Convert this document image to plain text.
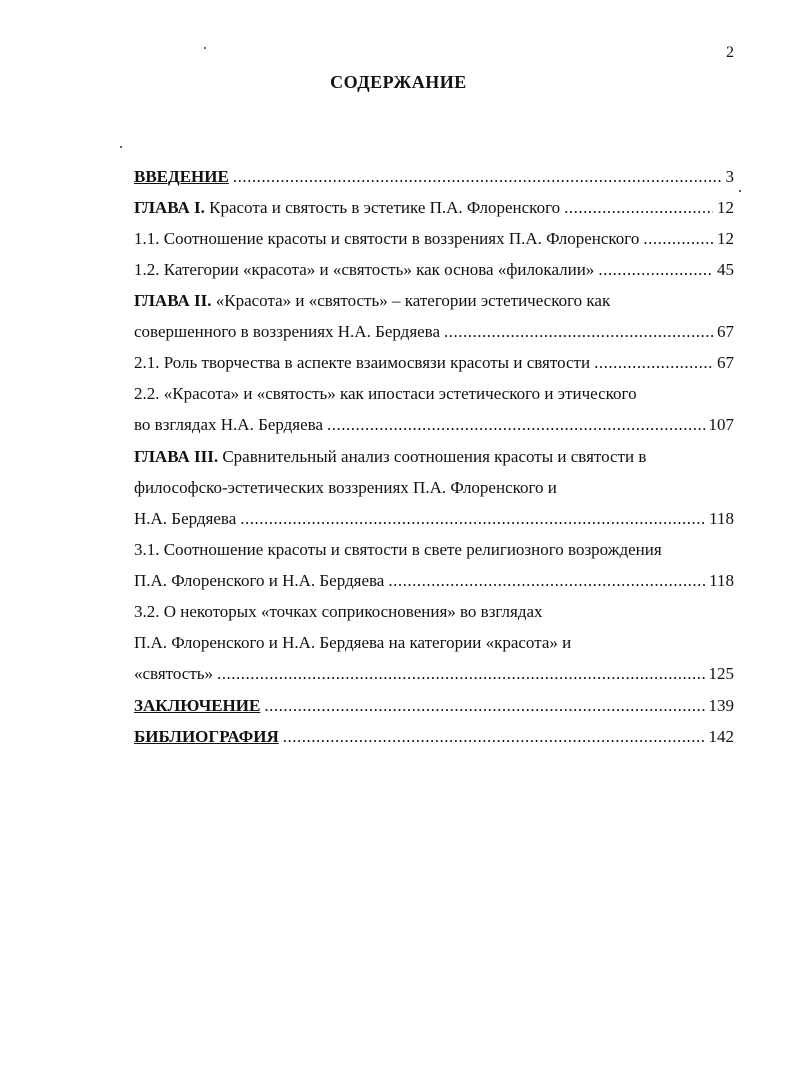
2
СОДЕРЖАНИЕ
ВВЕДЕНИЕ .....	3
ГЛАВА I. Красота и святость в эстетике П.А. Флоренского .....	12
1.1. Соотношение красоты и святости в воззрениях П.А. Флоренского .....	12
1.2. Категории «красота» и «святость» как основа «филокалии» .....	45
ГЛАВА II. «Красота» и «святость» – категории эстетического как
совершенного в воззрениях Н.А. Бердяева .....	67
2.1. Роль творчества в аспекте взаимосвязи красоты и святости .....	67
2.2. «Красота» и «святость» как ипостаси эстетического и этического
во взглядах Н.А. Бердяева .....	107
ГЛАВА III. Сравнительный анализ соотношения красоты и святости в
философско-эстетических воззрениях П.А. Флоренского и
Н.А. Бердяева .....	118
3.1. Соотношение красоты и святости в свете религиозного возрождения
П.А. Флоренского и Н.А. Бердяева .....	118
3.2. О некоторых «точках соприкосновения» во взглядах
П.А. Флоренского и Н.А. Бердяева на категории «красота» и
«святость» .....	125
ЗАКЛЮЧЕНИЕ .....	139
БИБЛИОГРАФИЯ .....	142
